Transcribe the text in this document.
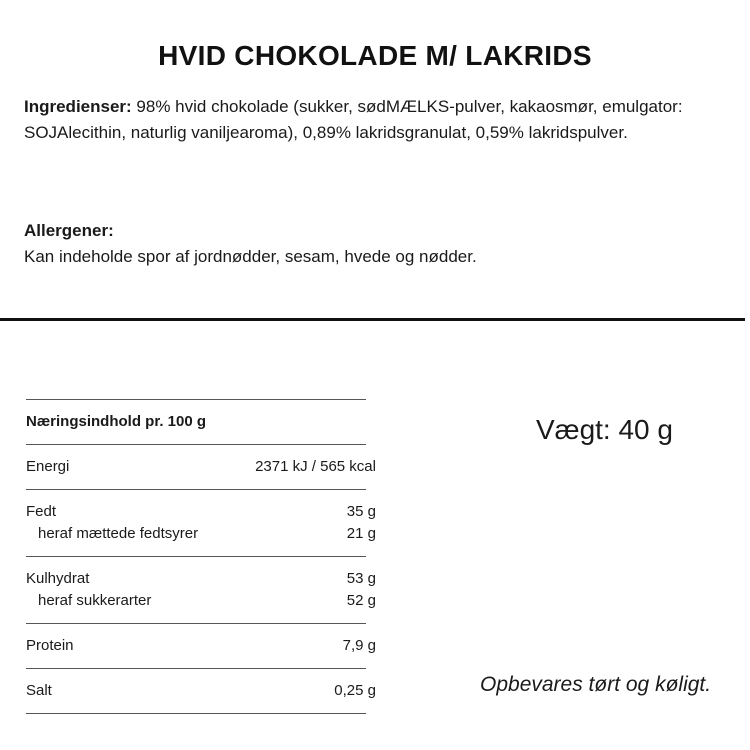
HVID CHOKOLADE M/ LAKRIDS
Ingredienser: 98% hvid chokolade (sukker, sødMÆLKS-pulver, kakaosmør, emulgator: SOJAlecithin, naturlig vaniljearoma), 0,89% lakridsgranulat, 0,59% lakridspulver.
Allergener:
Kan indeholde spor af jordnødder, sesam, hvede og nødder.
Næringsindhold pr. 100 g
Energi	2371 kJ / 565 kcal
Fedt	35 g
heraf mættede fedtsyrer	21 g
Kulhydrat	53 g
heraf sukkerarter	52 g
Protein	7,9 g
Salt	0,25 g
Vægt: 40 g
Opbevares tørt og køligt.
